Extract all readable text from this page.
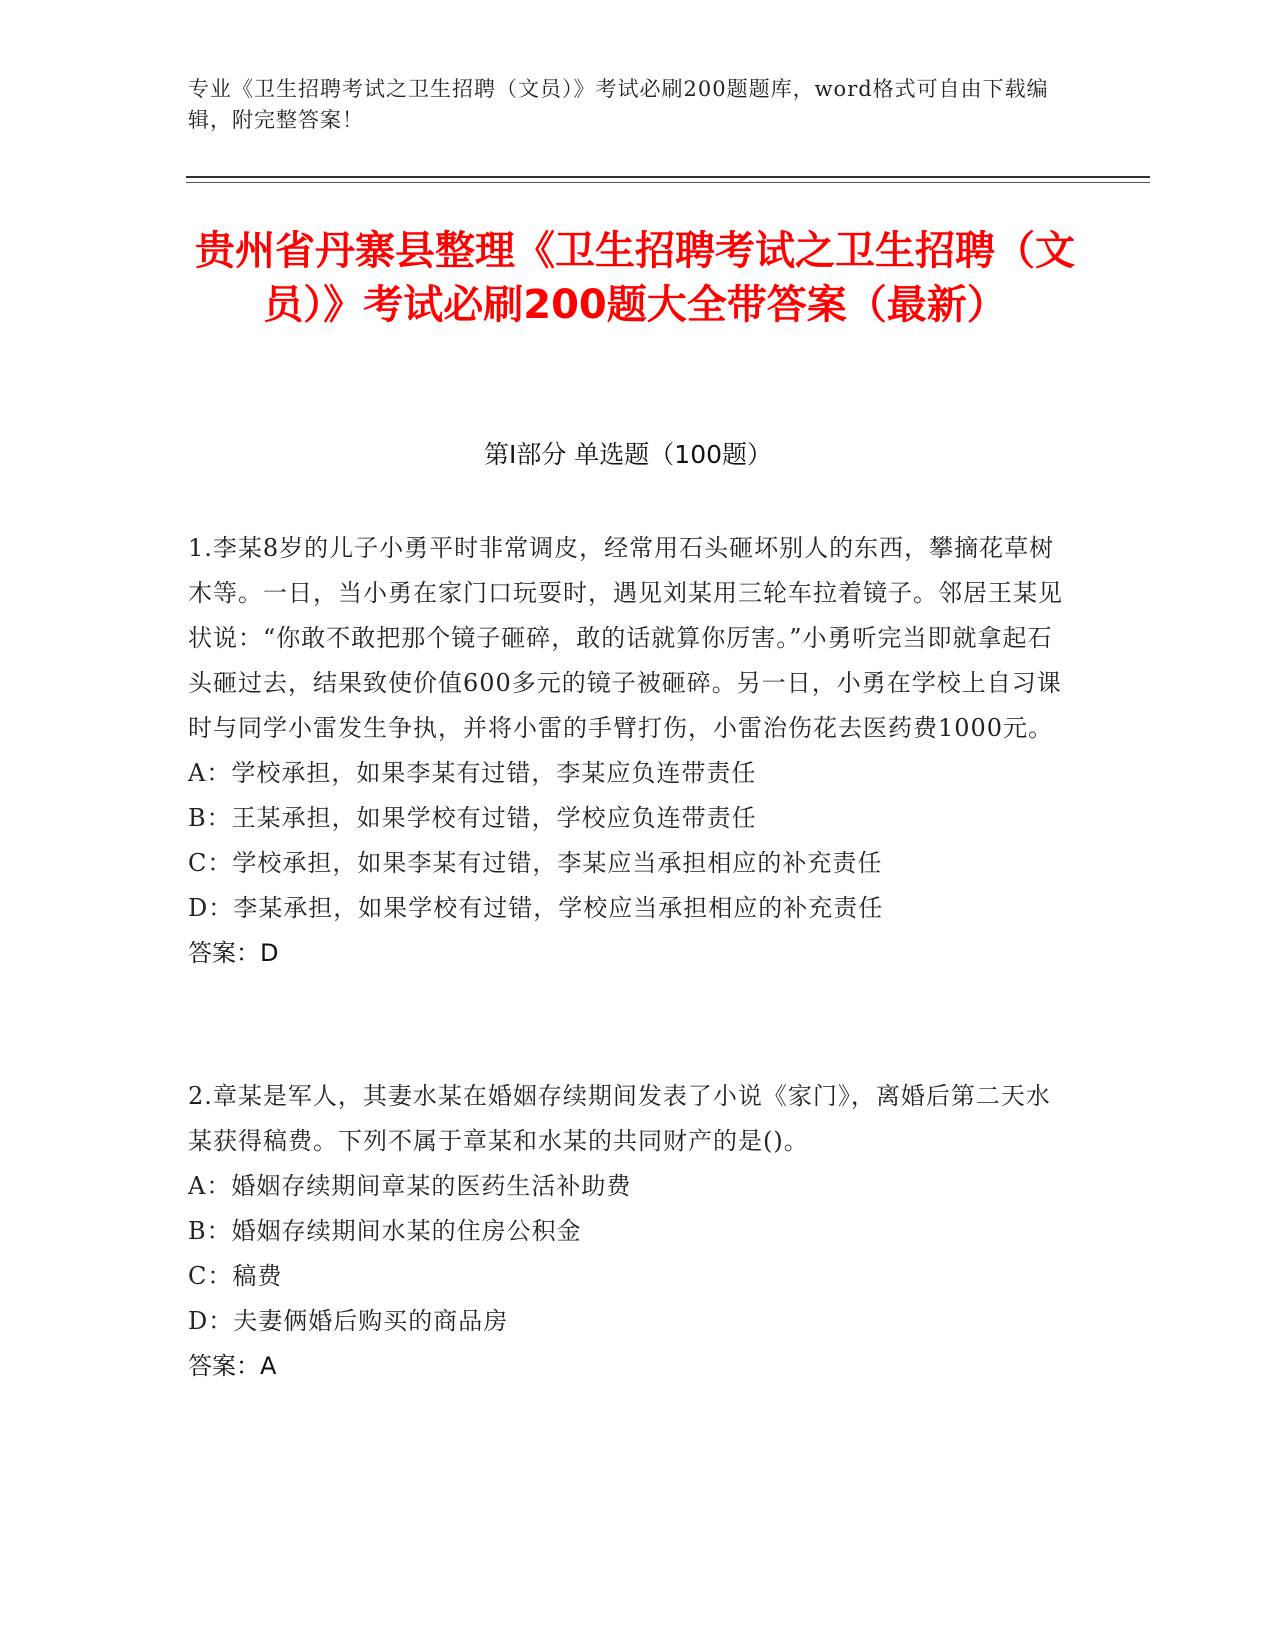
专业《卫生招聘考试之卫生招聘（文员）》考试必刷200题题库，word格式可自由下载编辑，附完整答案！
贵州省丹寨县整理《卫生招聘考试之卫生招聘（文员）》考试必刷200题大全带答案（最新）
第I部分 单选题（100题）
1.李某8岁的儿子小勇平时非常调皮，经常用石头砸坏别人的东西，攀摘花草树木等。一日，当小勇在家门口玩耍时，遇见刘某用三轮车拉着镜子。邻居王某见状说：“你敢不敢把那个镜子砸碎，敢的话就算你厉害。”小勇听完当即就拿起石头砸过去，结果致使价值600多元的镜子被砸碎。另一日，小勇在学校上自习课时与同学小雷发生争执，并将小雷的手臂打伤，小雷治伤花去医药费1000元。
A：学校承担，如果李某有过错，李某应负连带责任
B：王某承担，如果学校有过错，学校应负连带责任
C：学校承担，如果李某有过错，李某应当承担相应的补充责任
D：李某承担，如果学校有过错，学校应当承担相应的补充责任
答案：D
2.章某是军人，其妻水某在婚姻存续期间发表了小说《家门》，离婚后第二天水某获得稿费。下列不属于章某和水某的共同财产的是()。
A：婚姻存续期间章某的医药生活补助费
B：婚姻存续期间水某的住房公积金
C：稿费
D：夫妻俩婚后购买的商品房
答案：A
